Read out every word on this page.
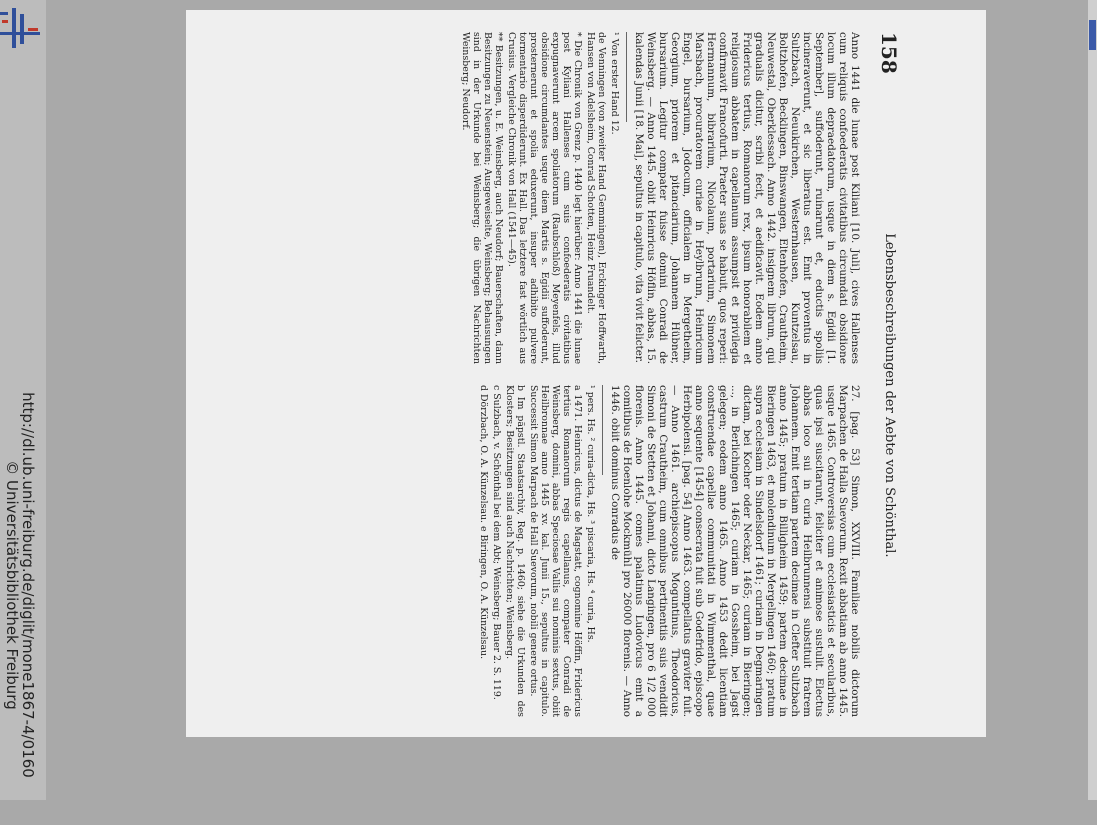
http://dl.ub.uni-freiburg.de/diglit/mone1867-4/0160
© Universitätsbibliothek Freiburg
158
Lebensbeschreibungen der Aebte von Schönthal.

Anno 1441 die lunae post Kiliani [10. Juli], cives Hallenses cum reliquis confoederatis civitatibus circumdati obsidione locum illum depraedatorum, usque in diem s. Egidii [1. September], suffoderunt, ruinarunt et, eductis spoliis incineraverunt, et sic liberatus est. Emit proventus in Sultzbach, Neuukirchen, Westernhausen, Kuntzelsau, Boltzhofen, Becklingen, Binswangen, Eltenhofen, Crautheim, Neuwestal, Oberklessach. Anno 1442. insignem librum, qui gradualis dicitur, scribi fecit, et aedificavit. Eodem anno Fridericus tertius, Romanorum rex, ipsum honorabilem et religiosum abbatem in capellanum assumpsit et privilegia confirmavit Francofurti. Praeter suas se habuit, quos reperi: Hermannum, bibrarium, Nicolaum, portarium, Simonem Marsbach, procuratorem curiae in Heylbrunn, Heinricum Engel, bursarium, Jodocum, officialem in Mergetheim, Georgium, priorem et pitanciarium, Johannem Hübner, bursarium. Legitur compater fuisse domini Conradi de Weinsberg. — Anno 1445. obiit Heinricus Höflin, abbas, 15. kalendas Junii [18. Mai], sepultus in capitulo, vita vivit felicter.

¹ Von erster Hand 12.

de Venningen (von zweiter Hand Gemmingen), Erckinger Hoffwarth, Hansen von Adelsheim, Conrad Schotten, Heinz Fruandelt.

* Die Chronik von Grenz p. 1440 legt hierüber: Anno 1441 die lunae post Kyliani Hallenses cum suis confoederatis civitatibus expugnaverunt arcem spoliatorum (Raubschloß) Meyenfels, illud obsidione circumdantes usque diem Martis s. Egidii suffoderunt, prosternerunt et spolia eduxerunt, insuper adhibito pulvere tormentario disperdiderunt. Ex Hall. Das letztere fast wörtlich aus Crusius. Vergleiche Chronik von Hall (1541—45).

** Besitzungen, u. E. Weinsberg, auch Neudorf; Bauerschaften, dann Besitzungen zu Neuenstein; Ausgeweiselte, Weinsberg; Behausungen sind in der Urkunde bei Weinsberg; die übrigen Nachrichten Weinsberg; Neudorf.

27. [pag. 53] Simon, XXVIII. Familiae nobilis dictorum Marpachen de Halla Suevorum. Rexit abbatiam ab anno 1445. usque 1465. Controversias cum ecclesiasticis et secularibus, quas ipsi suscitarunt, feliciter et animose sustulit. Electus abbas loco sui in curia Heilbrunnensi substituit fratrem Johannem. Emit tertiam partem decimae in Clefter Sultzbach anno 1445; pratum in Billigheim 1459; partem decimae in Bieringen 1463, et molendinum in Mergelingen 1460; pratum supra ecclesiam in Sindelsdorf 1461; curiam in Degmaringen dictam, bei Kocher oder Neckar, 1465; curiam in Bieringen; ..., in Berlichingen 1465; curiam in Gossheim, bei Jagst gelegen; eodem anno 1465. Anno 1453 dedit licentiam construendae capellae communitati in Wimmenthal, quae anno sequente [1454] consecrata fuit sub Godefrido, episcopo Herbipolensi. [pag. 54] Anno 1463. compellatus graviter fuit. — Anno 1461. archiepiscopus Moguntinus, Theodoricus, castrum Crautheim, cum omnibus pertinentiis suis vendidit Simoni de Stetten et Johanni, dicto Langingen, pro 6 1/2 000 florenis. Anno 1445. comes palatinus Ludovicus emit a comitibus de Hoenlohe Mockmühl pro 26000 florenis. — Anno 1446. obiit dominus Conradus de

¹ pers. Hs. ² curia-dicta, Hs. ³ piscaria, Hs. ⁴ curia, Hs.

a 1471. Heinricus, dictus de Magstatt, cognomine Höffin, Fridericus tertius Romanorum regis capellanus, compater Conradi de Weinsberg, domini, abbas Speciosae Vallis sui nominis sextus, obiit Heilbronnae anno 1445 xv. kal. Junii 15., sepultus in capitulo. Successit Simon Marpach de Hall Suevorum, nobili genere ortus.

b Im päpstl. Staatsarchiv, Reg. p. 1460; siehe die Urkunden des Klosters; Besitzungen sind auch Nachrichten; Weinsberg.

c Sulzbach, v. Schönthal bei dem Abt; Weinsberg; Bauer 2. S. 119.

d Dörzbach, O. A. Künzelsau. e Biringen, O. A. Künzelsau.
